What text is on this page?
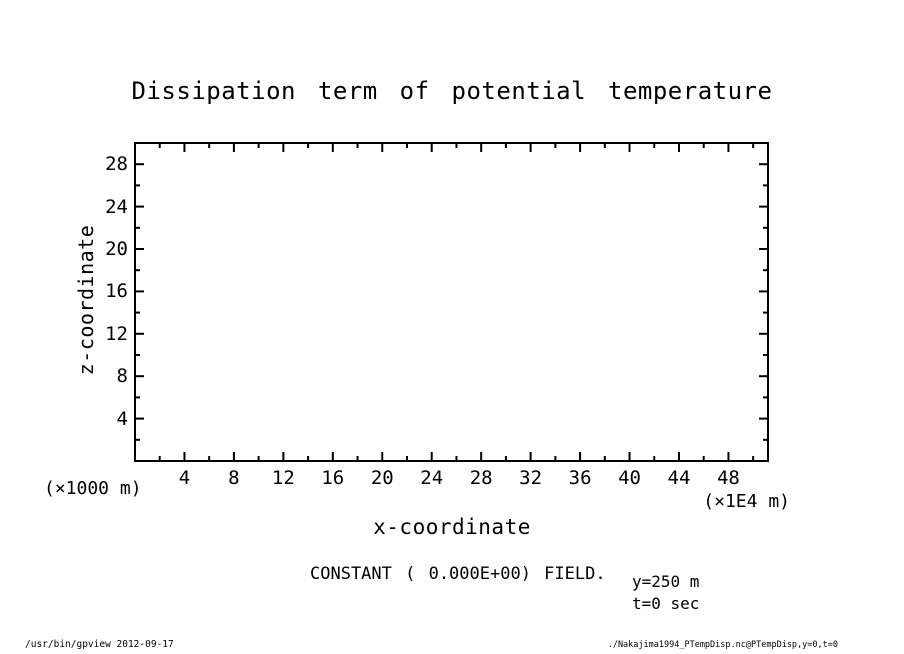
Dissipation term of potential temperature
z-coordinate
4
8
12
16
20
24
28
4	8	12	16	20	24	28	32	36	40	44	48
(×1000 m)
(×1E4 m)
x-coordinate
CONSTANT ( 0.000E+00) FIELD. y=250 m
t=0 sec
/usr/bin/gpview 2012-09-17	./Nakajima1994_PTempDisp.nc@PTempDisp,y=0,t=0
